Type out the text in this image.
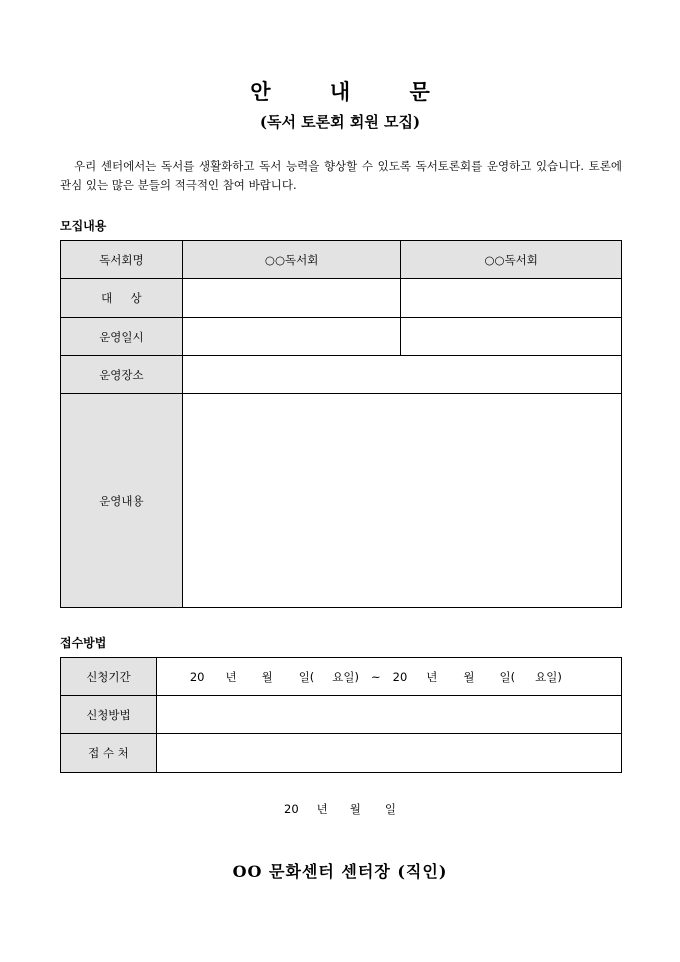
안 내 문
(독서 토론회 회원 모집)
우리 센터에서는 독서를 생활화하고 독서 능력을 향상할 수 있도록 독서토론회를 운영하고 있습니다. 토론에 관심 있는 많은 분들의 적극적인 참여 바랍니다.
모집내용
독서회명	○○독서회	○○독서회
대     상		
운영일시		
운영장소		
운영내용		
접수방법
신청기간	20 년 월 일( 요일) ~ 20 년 월 일( 요일)
신청방법	
접 수 처	
20 년 월 일
OO 문화센터 센터장 (직인)
